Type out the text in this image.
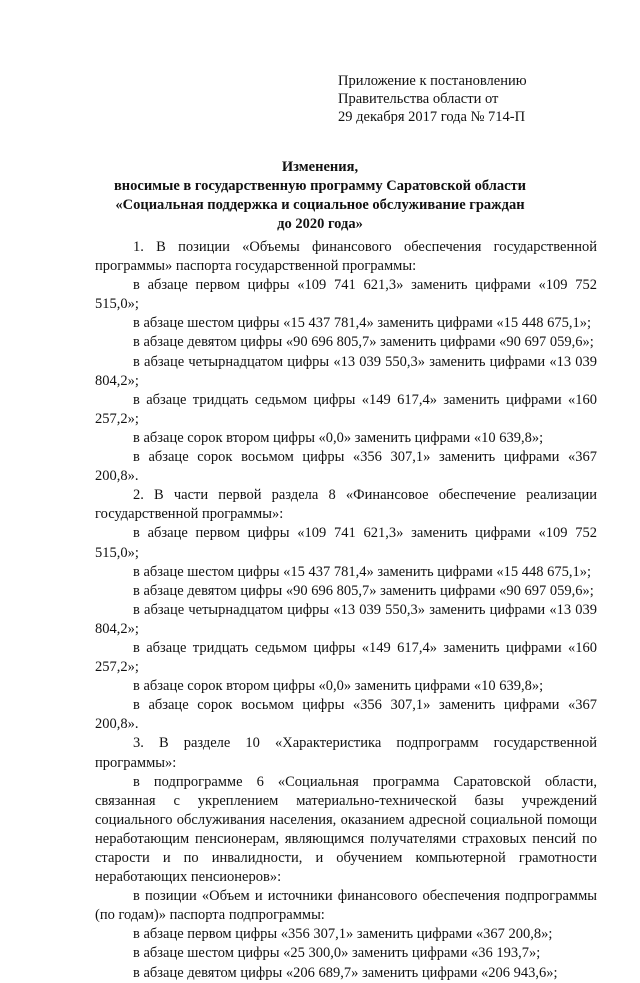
Приложение к постановлению
Правительства области от
29 декабря 2017 года № 714-П
Изменения,
вносимые в государственную программу Саратовской области
«Социальная поддержка и социальное обслуживание граждан
до 2020 года»

1. В позиции «Объемы финансового обеспечения государственной программы» паспорта государственной программы:

в абзаце первом цифры «109 741 621,3» заменить цифрами «109 752 515,0»;

в абзаце шестом цифры «15 437 781,4» заменить цифрами «15 448 675,1»;

в абзаце девятом цифры «90 696 805,7» заменить цифрами «90 697 059,6»;

в абзаце четырнадцатом цифры «13 039 550,3» заменить цифрами «13 039 804,2»;

в абзаце тридцать седьмом цифры «149 617,4» заменить цифрами «160 257,2»;

в абзаце сорок втором цифры «0,0» заменить цифрами «10 639,8»;

в абзаце сорок восьмом цифры «356 307,1» заменить цифрами «367 200,8».

2. В части первой раздела 8 «Финансовое обеспечение реализации государственной программы»:

в абзаце первом цифры «109 741 621,3» заменить цифрами «109 752 515,0»;

в абзаце шестом цифры «15 437 781,4» заменить цифрами «15 448 675,1»;

в абзаце девятом цифры «90 696 805,7» заменить цифрами «90 697 059,6»;

в абзаце четырнадцатом цифры «13 039 550,3» заменить цифрами «13 039 804,2»;

в абзаце тридцать седьмом цифры «149 617,4» заменить цифрами «160 257,2»;

в абзаце сорок втором цифры «0,0» заменить цифрами «10 639,8»;

в абзаце сорок восьмом цифры «356 307,1» заменить цифрами «367 200,8».

3. В разделе 10 «Характеристика подпрограмм государственной программы»:

в подпрограмме 6 «Социальная программа Саратовской области, связанная с укреплением материально-технической базы учреждений социального обслуживания населения, оказанием адресной социальной помощи неработающим пенсионерам, являющимся получателями страховых пенсий по старости и по инвалидности, и обучением компьютерной грамотности неработающих пенсионеров»:

в позиции «Объем и источники финансового обеспечения подпрограммы (по годам)» паспорта подпрограммы:

в абзаце первом цифры «356 307,1» заменить цифрами «367 200,8»;

в абзаце шестом цифры «25 300,0» заменить цифрами «36 193,7»;

в абзаце девятом цифры «206 689,7» заменить цифрами «206 943,6»;
